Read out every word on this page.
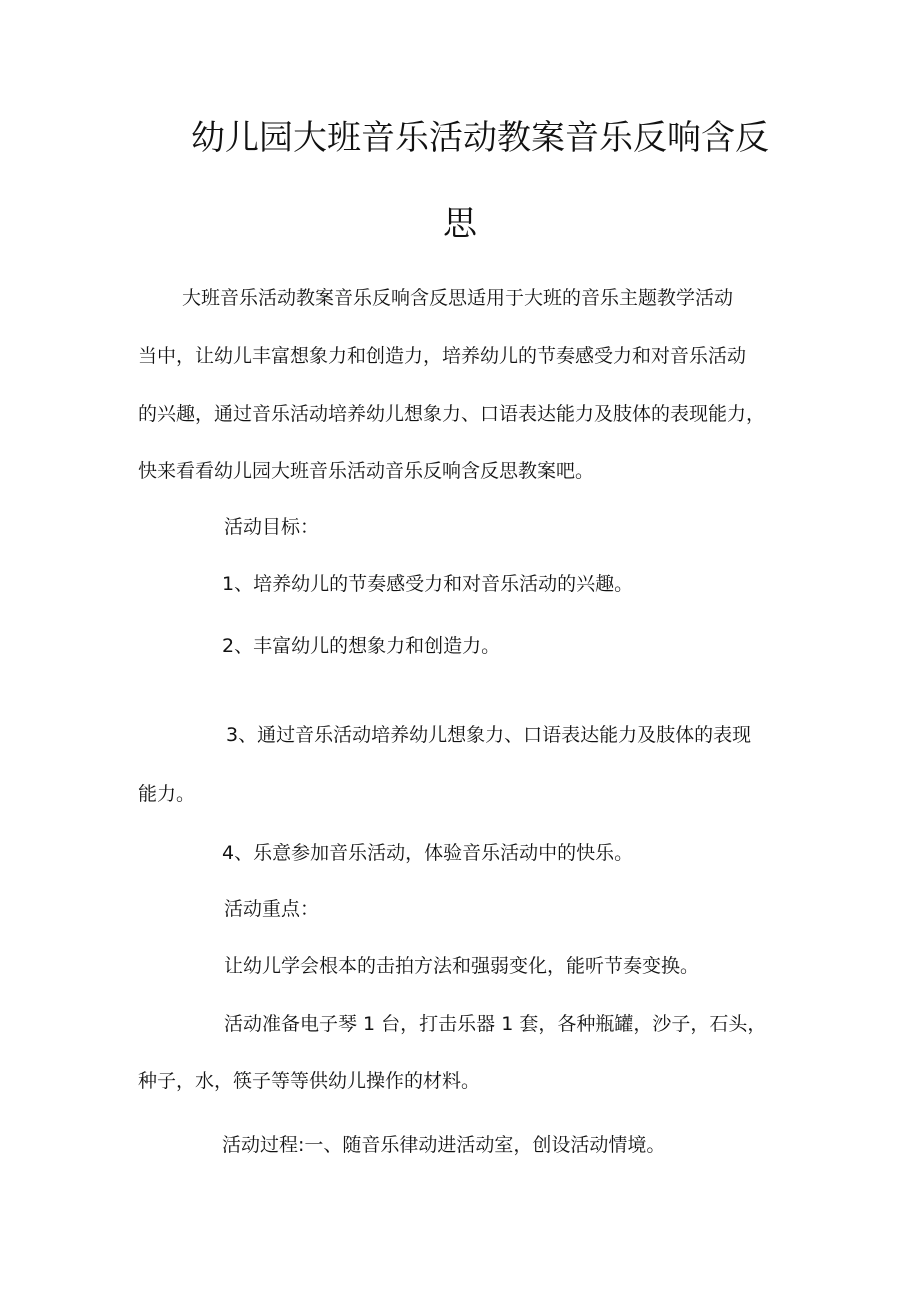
幼儿园大班音乐活动教案音乐反响含反
思

大班音乐活动教案音乐反响含反思适用于大班的音乐主题教学活动

当中，让幼儿丰富想象力和创造力，培养幼儿的节奏感受力和对音乐活动

的兴趣，通过音乐活动培养幼儿想象力、口语表达能力及肢体的表现能力，

快来看看幼儿园大班音乐活动音乐反响含反思教案吧。

活动目标：

1、培养幼儿的节奏感受力和对音乐活动的兴趣。

2、丰富幼儿的想象力和创造力。

3、通过音乐活动培养幼儿想象力、口语表达能力及肢体的表现

能力。

4、乐意参加音乐活动，体验音乐活动中的快乐。

活动重点：

让幼儿学会根本的击拍方法和强弱变化，能听节奏变换。

活动准备电子琴 1 台，打击乐器 1 套，各种瓶罐，沙子，石头，

种子，水，筷子等等供幼儿操作的材料。

活动过程:一、随音乐律动进活动室，创设活动情境。
